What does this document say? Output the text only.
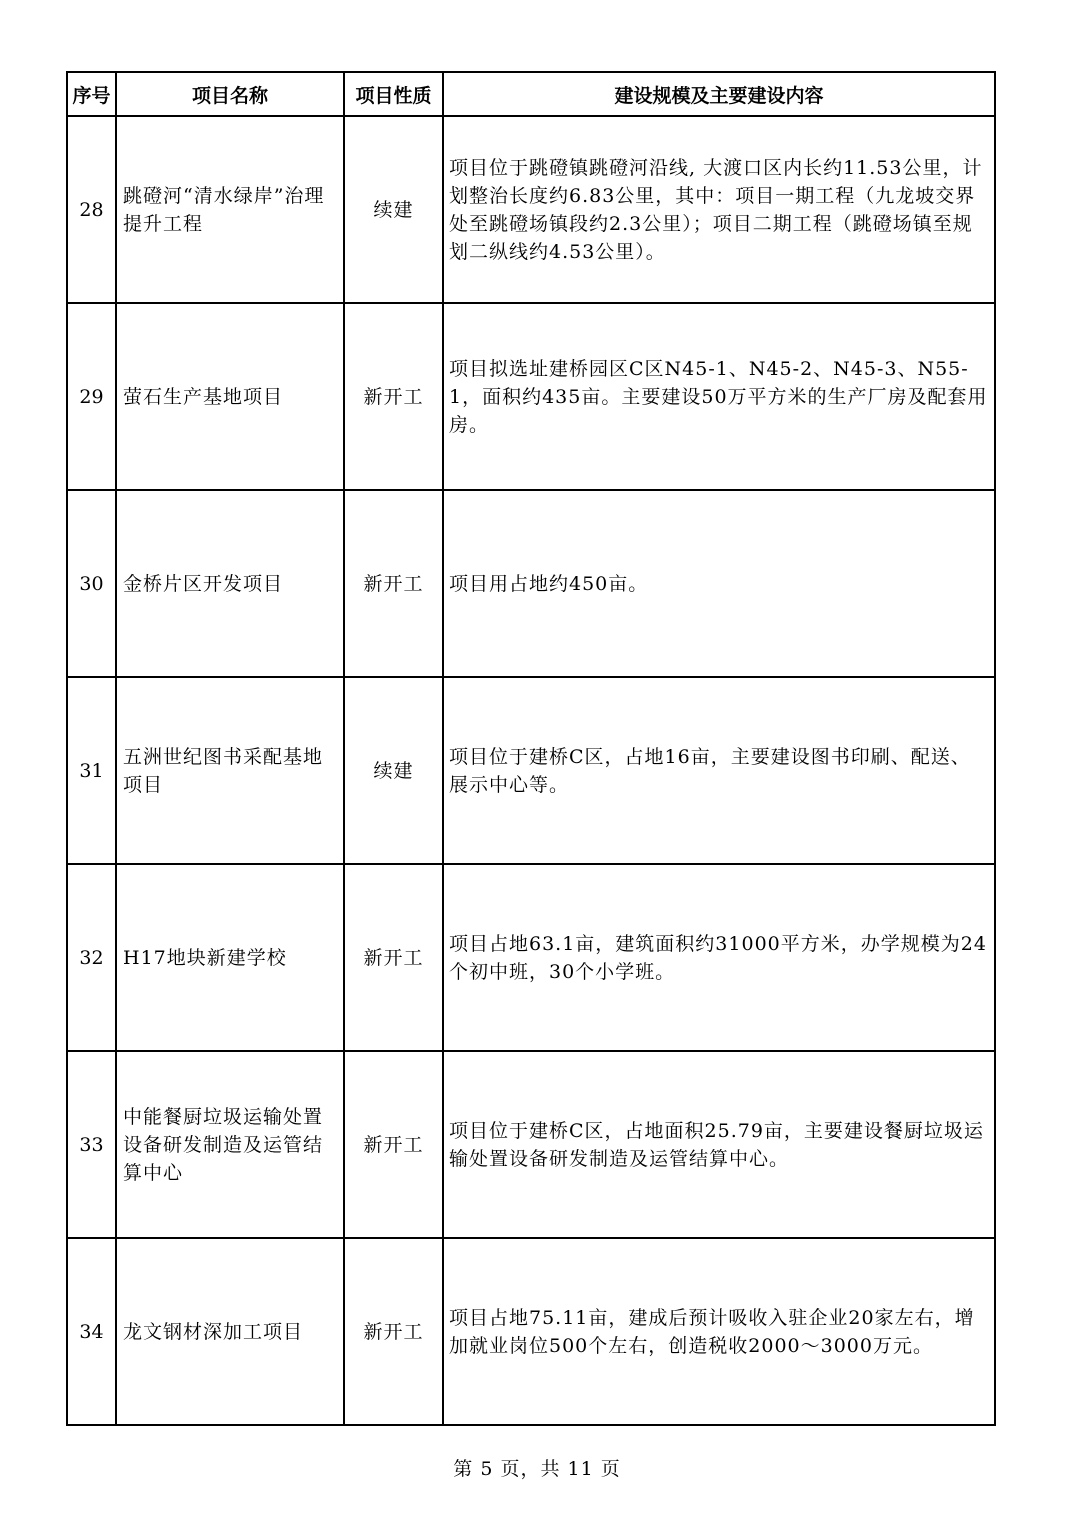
序号	项目名称	项目性质	建设规模及主要建设内容
28	跳磴河“清水绿岸”治理提升工程	续建	项目位于跳磴镇跳磴河沿线, 大渡口区内长约11.53公里，计划整治长度约6.83公里，其中：项目一期工程（九龙坡交界处至跳磴场镇段约2.3公里）；项目二期工程（跳磴场镇至规划二纵线约4.53公里）。
29	萤石生产基地项目	新开工	项目拟选址建桥园区C区N45-1、N45-2、N45-3、N55-1，面积约435亩。主要建设50万平方米的生产厂房及配套用房。
30	金桥片区开发项目	新开工	项目用占地约450亩。
31	五洲世纪图书采配基地项目	续建	项目位于建桥C区，占地16亩，主要建设图书印刷、配送、展示中心等。
32	H17地块新建学校	新开工	项目占地63.1亩，建筑面积约31000平方米，办学规模为24个初中班，30个小学班。
33	中能餐厨垃圾运输处置设备研发制造及运管结算中心	新开工	项目位于建桥C区，占地面积25.79亩，主要建设餐厨垃圾运输处置设备研发制造及运管结算中心。
34	龙文钢材深加工项目	新开工	项目占地75.11亩，建成后预计吸收入驻企业20家左右，增加就业岗位500个左右，创造税收2000～3000万元。
第 5 页，共 11 页
